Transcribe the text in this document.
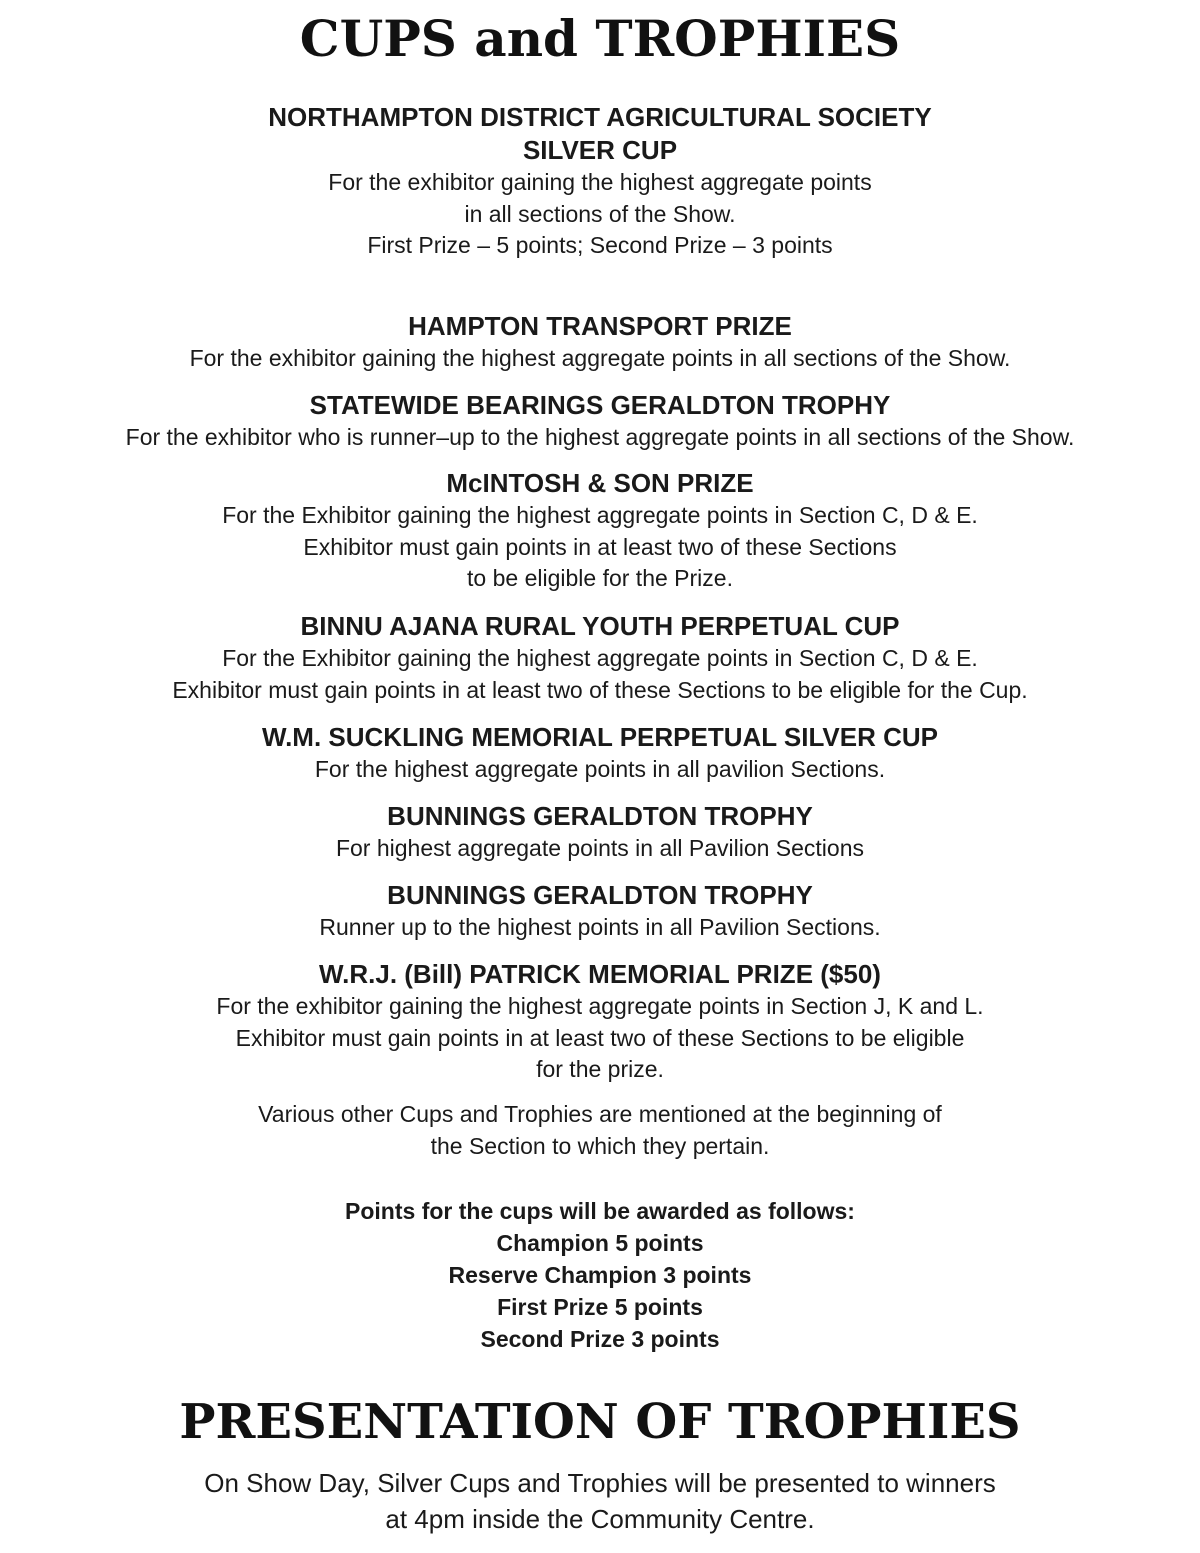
CUPS and TROPHIES

NORTHAMPTON DISTRICT AGRICULTURAL SOCIETY

SILVER CUP

For the exhibitor gaining the highest aggregate points

in all sections of the Show.

First Prize – 5 points; Second Prize – 3 points

HAMPTON TRANSPORT PRIZE

For the exhibitor gaining the highest aggregate points in all sections of the Show.

STATEWIDE BEARINGS GERALDTON TROPHY

For the exhibitor who is runner–up to the highest aggregate points in all sections of the Show.

McINTOSH & SON PRIZE

For the Exhibitor gaining the highest aggregate points in Section C, D & E.

Exhibitor must gain points in at least two of these Sections

to be eligible for the Prize.

BINNU AJANA RURAL YOUTH PERPETUAL CUP

For the Exhibitor gaining the highest aggregate points in Section C, D & E.

Exhibitor must gain points in at least two of these Sections to be eligible for the Cup.

W.M. SUCKLING MEMORIAL PERPETUAL SILVER CUP

For the highest aggregate points in all pavilion Sections.

BUNNINGS GERALDTON TROPHY

For highest aggregate points in all Pavilion Sections

BUNNINGS GERALDTON TROPHY

Runner up to the highest points in all Pavilion Sections.

W.R.J. (Bill) PATRICK MEMORIAL PRIZE ($50)

For the exhibitor gaining the highest aggregate points in Section J, K and L.

Exhibitor must gain points in at least two of these Sections to be eligible

for the prize.

Various other Cups and Trophies are mentioned at the beginning of

the Section to which they pertain.

Points for the cups will be awarded as follows:

Champion 5 points

Reserve Champion 3 points

First Prize 5 points

Second Prize 3 points

PRESENTATION OF TROPHIES

On Show Day, Silver Cups and Trophies will be presented to winners

at 4pm inside the Community Centre.
